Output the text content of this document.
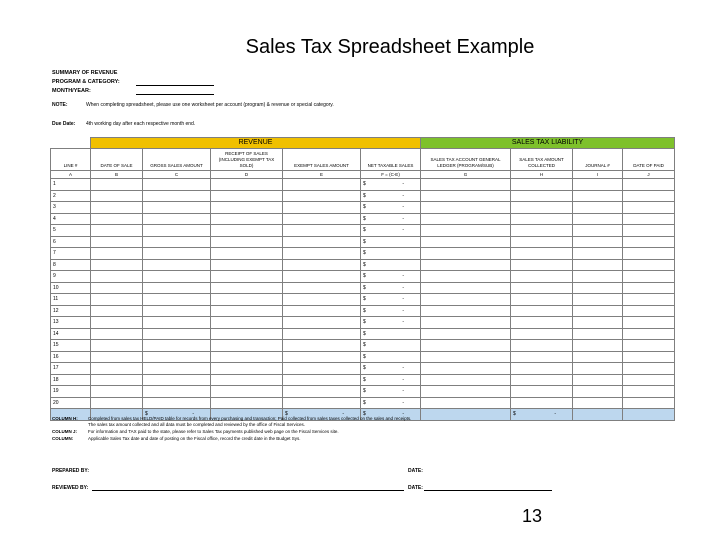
Sales Tax Spreadsheet Example
SUMMARY OF REVENUE
PROGRAM & CATEGORY:
MONTH/YEAR:
NOTE:	When completing spreadsheet, please use one worksheet per account (program) & revenue or special category.
Due Date: 4th working day after each respective month end.
	REVENUE					SALES TAX LIABILITY			
LINE #	DATE OF SALE	GROSS SALES AMOUNT	RECEIPT OF SALES (INCLUDING EXEMPT TAX SOLD)	EXEMPT SALES AMOUNT	NET TAXABLE SALES	SALES TAX ACCOUNT GENERAL LEDGER (PROGRAM/SUB)	SALES TAX AMOUNT COLLECTED	JOURNAL #	DATE OF PAID
A	B	C	D	E	F = (C-E)	G	H	I	J
1					$ -				

2					$ -				

3					$ -				

4					$ -				

5					$ -				

6					$				

7					$				

8					$				

9					$ -				

10					$ -				

11					$ -				

12					$ -				

13					$ -				

14					$				

15					$				

16					$				

17					$ -				

18					$ -				

19					$ -				

20					$ -				

		$ -		$ -	$ -		$ -		

COLUMN H: Completed from sales tax HELD/PAID table for records from every purchasing and transaction; Paid collected from sales taxes collected on the sales and receipts.
The sales tax amount collected and all data must be completed and reviewed by the office of Fiscal Services.
COLUMN J: For information and TAX paid to the state, please refer to Sales Tax payments published web page on the Fiscal Services site.
COLUMN:	Applicable Sales Tax date and date of posting on the Fiscal office, record the credit date in the Budget Sys.
PREPARED BY:	DATE:
REVIEWED BY:	DATE:
13
